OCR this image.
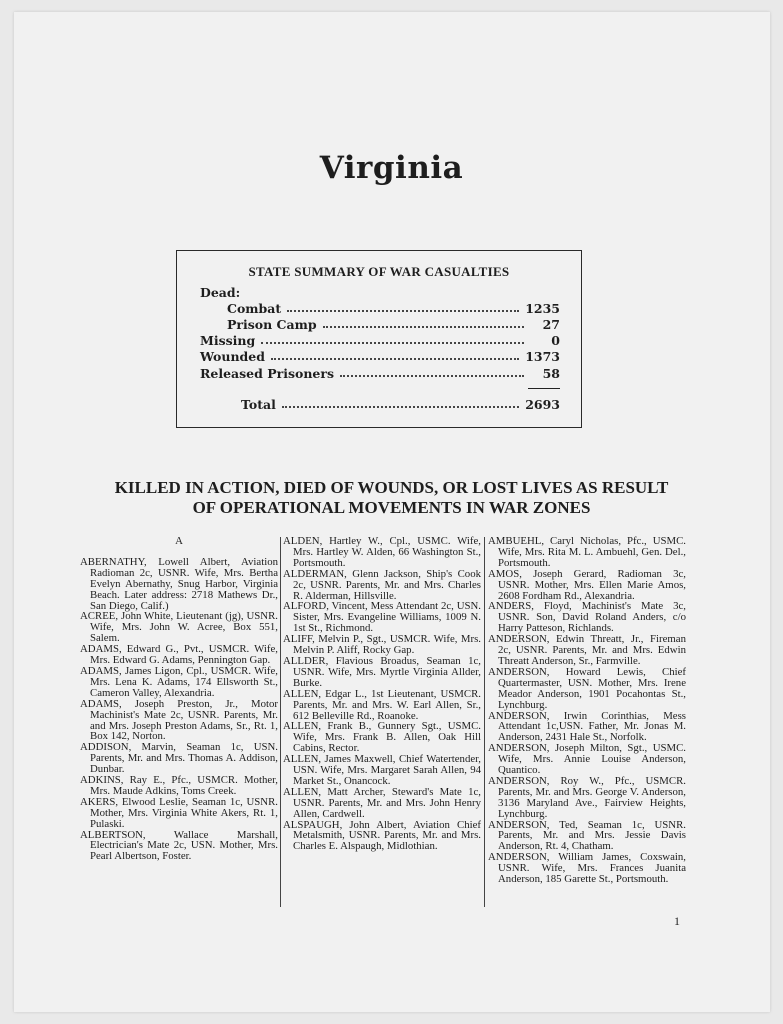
Virginia
STATE SUMMARY OF WAR CASUALTIES
Dead:
Combat	1235
Prison Camp	27
Missing	0
Wounded	1373
Released Prisoners	58
Total	2693
KILLED IN ACTION, DIED OF WOUNDS, OR LOST LIVES AS RESULT
OF OPERATIONAL MOVEMENTS IN WAR ZONES

A

ABERNATHY, Lowell Albert, Aviation Radioman 2c, USNR. Wife, Mrs. Bertha Evelyn Abernathy, Snug Harbor, Virginia Beach. Later address: 2718 Mathews Dr., San Diego, Calif.)

ACREE, John White, Lieutenant (jg), USNR. Wife, Mrs. John W. Acree, Box 551, Salem.

ADAMS, Edward G., Pvt., USMCR. Wife, Mrs. Edward G. Adams, Pennington Gap.

ADAMS, James Ligon, Cpl., USMCR. Wife, Mrs. Lena K. Adams, 174 Ellsworth St., Cameron Valley, Alexandria.

ADAMS, Joseph Preston, Jr., Motor Machinist's Mate 2c, USNR. Parents, Mr. and Mrs. Joseph Preston Adams, Sr., Rt. 1, Box 142, Norton.

ADDISON, Marvin, Seaman 1c, USN. Parents, Mr. and Mrs. Thomas A. Addison, Dunbar.

ADKINS, Ray E., Pfc., USMCR. Mother, Mrs. Maude Adkins, Toms Creek.

AKERS, Elwood Leslie, Seaman 1c, USNR. Mother, Mrs. Virginia White Akers, Rt. 1, Pulaski.

ALBERTSON, Wallace Marshall, Electrician's Mate 2c, USN. Mother, Mrs. Pearl Albertson, Foster.

ALDEN, Hartley W., Cpl., USMC. Wife, Mrs. Hartley W. Alden, 66 Washington St., Portsmouth.

ALDERMAN, Glenn Jackson, Ship's Cook 2c, USNR. Parents, Mr. and Mrs. Charles R. Alderman, Hillsville.

ALFORD, Vincent, Mess Attendant 2c, USN. Sister, Mrs. Evangeline Williams, 1009 N. 1st St., Richmond.

ALIFF, Melvin P., Sgt., USMCR. Wife, Mrs. Melvin P. Aliff, Rocky Gap.

ALLDER, Flavious Broadus, Seaman 1c, USNR. Wife, Mrs. Myrtle Virginia Allder, Burke.

ALLEN, Edgar L., 1st Lieutenant, USMCR. Parents, Mr. and Mrs. W. Earl Allen, Sr., 612 Belleville Rd., Roanoke.

ALLEN, Frank B., Gunnery Sgt., USMC. Wife, Mrs. Frank B. Allen, Oak Hill Cabins, Rector.

ALLEN, James Maxwell, Chief Watertender, USN. Wife, Mrs. Margaret Sarah Allen, 94 Market St., Onancock.

ALLEN, Matt Archer, Steward's Mate 1c, USNR. Parents, Mr. and Mrs. John Henry Allen, Cardwell.

ALSPAUGH, John Albert, Aviation Chief Metalsmith, USNR. Parents, Mr. and Mrs. Charles E. Alspaugh, Midlothian.

AMBUEHL, Caryl Nicholas, Pfc., USMC. Wife, Mrs. Rita M. L. Ambuehl, Gen. Del., Portsmouth.

AMOS, Joseph Gerard, Radioman 3c, USNR. Mother, Mrs. Ellen Marie Amos, 2608 Fordham Rd., Alexandria.

ANDERS, Floyd, Machinist's Mate 3c, USNR. Son, David Roland Anders, c/o Harry Patteson, Richlands.

ANDERSON, Edwin Threatt, Jr., Fireman 2c, USNR. Parents, Mr. and Mrs. Edwin Threatt Anderson, Sr., Farmville.

ANDERSON, Howard Lewis, Chief Quartermaster, USN. Mother, Mrs. Irene Meador Anderson, 1901 Pocahontas St., Lynchburg.

ANDERSON, Irwin Corinthias, Mess Attendant 1c,USN. Father, Mr. Jonas M. Anderson, 2431 Hale St., Norfolk.

ANDERSON, Joseph Milton, Sgt., USMC. Wife, Mrs. Annie Louise Anderson, Quantico.

ANDERSON, Roy W., Pfc., USMCR. Parents, Mr. and Mrs. George V. Anderson, 3136 Maryland Ave., Fairview Heights, Lynchburg.

ANDERSON, Ted, Seaman 1c, USNR. Parents, Mr. and Mrs. Jessie Davis Anderson, Rt. 4, Chatham.

ANDERSON, William James, Coxswain, USNR. Wife, Mrs. Frances Juanita Anderson, 185 Garette St., Portsmouth.

1
